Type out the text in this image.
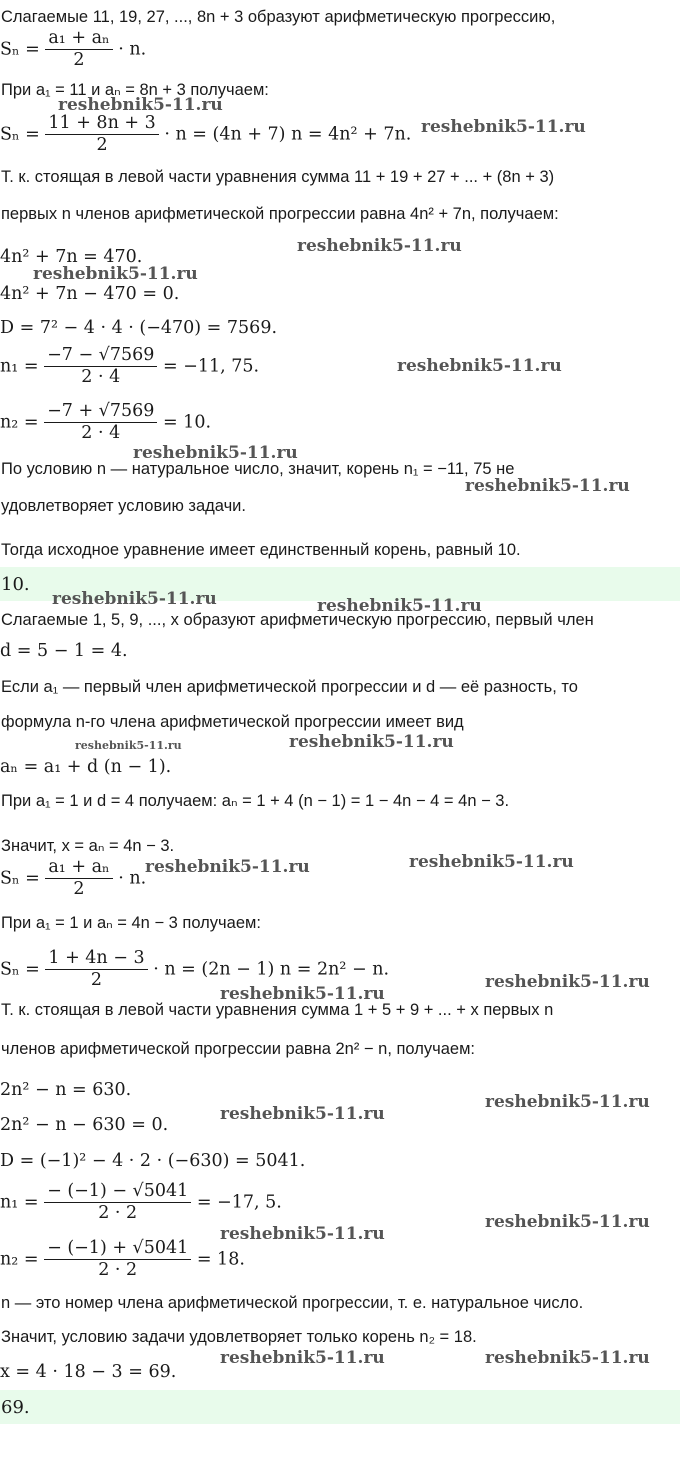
Слагаемые 11, 19, 27, ..., 8n + 3 образуют арифметическую прогрессию,
$S_n = \frac{\text{a₁ + aₙ}}{2} \cdot n$.
При a₁ = 11 и aₙ = 8n + 3 получаем:
$S_n = \frac{11 + 8n + 3}{2} \cdot n = (4n + 7) n = 4n^2 + 7n$.
Т. к. стоящая в левой части уравнения сумма 11 + 19 + 27 + ... + (8n + 3)
первых n членов арифметической прогрессии равна 4n² + 7n, получаем:
4n² + 7n = 470.
4n² + 7n − 470 = 0.
D = 7² − 4 · 4 · (−470) = 7569.
$n_1 = \frac{-7 - √7569}{2 \cdot 4} = -11$, 75.
$n_2 = \frac{-7 + √7569}{2 \cdot 4} = 10$.
По условию n — натуральное число, значит, корень n₁ = −11, 75 не
удовлетворяет условию задачи.
Тогда исходное уравнение имеет единственный корень, равный 10.
10.
Слагаемые 1, 5, 9, ..., x образуют арифметическую прогрессию, первый член
d = 5 − 1 = 4.
Если a₁ — первый член арифметической прогрессии и d — её разность, то
формула n-го члена арифметической прогрессии имеет вид
aₙ = a₁ + d (n − 1).
При a₁ = 1 и d = 4 получаем: aₙ = 1 + 4 (n − 1) = 1 − 4n − 4 = 4n − 3.
Значит, x = aₙ = 4n − 3.
$S_n = \frac{\text{a₁ + aₙ}}{2} \cdot n$.
При a₁ = 1 и aₙ = 4n − 3 получаем:
$S_n = \frac{1 + 4n - 3}{2} \cdot n = (2n - 1) n = 2n^2 - n$.
Т. к. стоящая в левой части уравнения сумма 1 + 5 + 9 + ... + x первых n
членов арифметической прогрессии равна 2n² − n, получаем:
2n² − n = 630.
2n² − n − 630 = 0.
D = (−1)² − 4 · 2 · (−630) = 5041.
$n_1 = \frac{- (-1) - √5041}{2 \cdot 2} = -17$, 5.
$n_2 = \frac{- (-1) + √5041}{2 \cdot 2} = 18$.
n — это номер члена арифметической прогрессии, т. е. натуральное число.
Значит, условию задачи удовлетворяет только корень n₂ = 18.
x = 4 · 18 − 3 = 69.
69.
reshebnik5-11.ru
reshebnik5-11.ru
reshebnik5-11.ru
reshebnik5-11.ru
reshebnik5-11.ru
reshebnik5-11.ru
reshebnik5-11.ru
reshebnik5-11.ru	reshebnik5-11.ru
reshebnik5-11.ru	reshebnik5-11.ru
reshebnik5-11.ru	reshebnik5-11.ru
reshebnik5-11.ru
reshebnik5-11.ru
reshebnik5-11.ru
reshebnik5-11.ru
reshebnik5-11.ru
reshebnik5-11.ru
reshebnik5-11.ru	reshebnik5-11.ru
